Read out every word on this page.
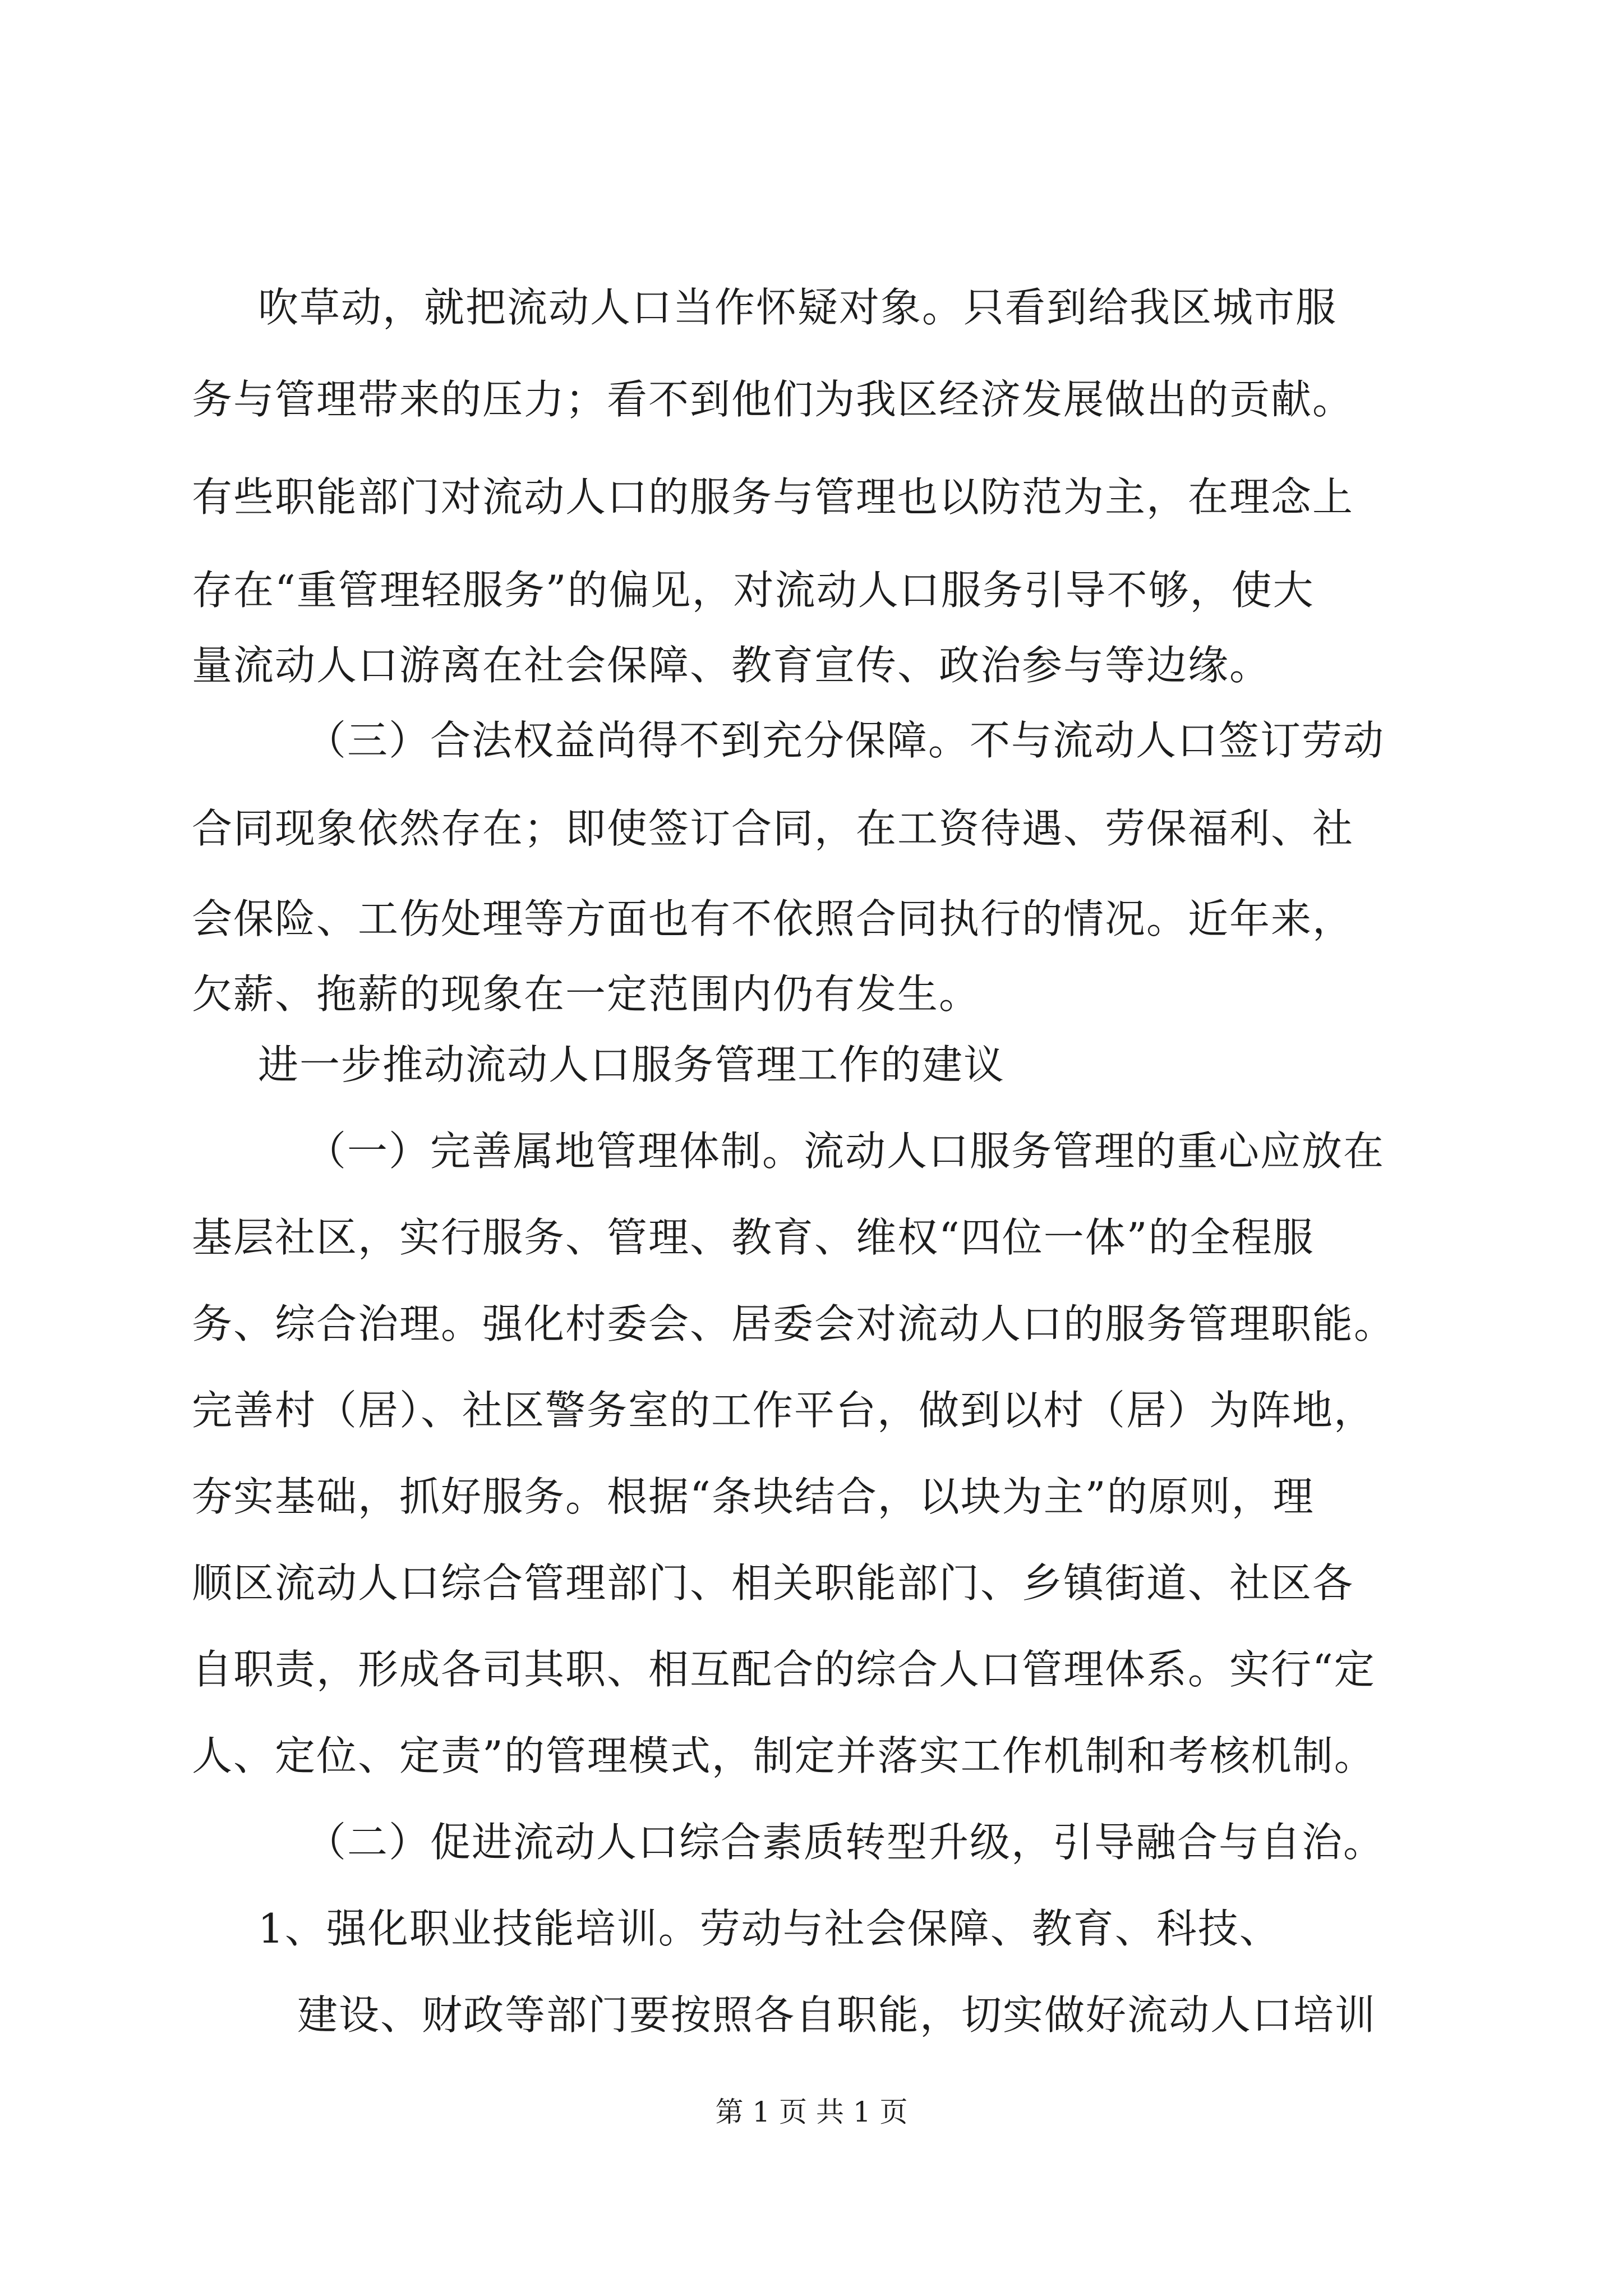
吹草动，就把流动人口当作怀疑对象。只看到给我区城市服
务与管理带来的压力；看不到他们为我区经济发展做出的贡献。
有些职能部门对流动人口的服务与管理也以防范为主，在理念上
存在“重管理轻服务”的偏见，对流动人口服务引导不够，使大
量流动人口游离在社会保障、教育宣传、政治参与等边缘。
（三）合法权益尚得不到充分保障。不与流动人口签订劳动
合同现象依然存在；即使签订合同，在工资待遇、劳保福利、社
会保险、工伤处理等方面也有不依照合同执行的情况。近年来，
欠薪、拖薪的现象在一定范围内仍有发生。
进一步推动流动人口服务管理工作的建议
（一）完善属地管理体制。流动人口服务管理的重心应放在
基层社区，实行服务、管理、教育、维权“四位一体”的全程服
务、综合治理。强化村委会、居委会对流动人口的服务管理职能。
完善村（居）、社区警务室的工作平台，做到以村（居）为阵地，
夯实基础，抓好服务。根据“条块结合，以块为主”的原则，理
顺区流动人口综合管理部门、相关职能部门、乡镇街道、社区各
自职责，形成各司其职、相互配合的综合人口管理体系。实行“定
人、定位、定责”的管理模式，制定并落实工作机制和考核机制。
（二）促进流动人口综合素质转型升级，引导融合与自治。
1、强化职业技能培训。劳动与社会保障、教育、科技、
建设、财政等部门要按照各自职能，切实做好流动人口培训
第 1 页 共 1 页
